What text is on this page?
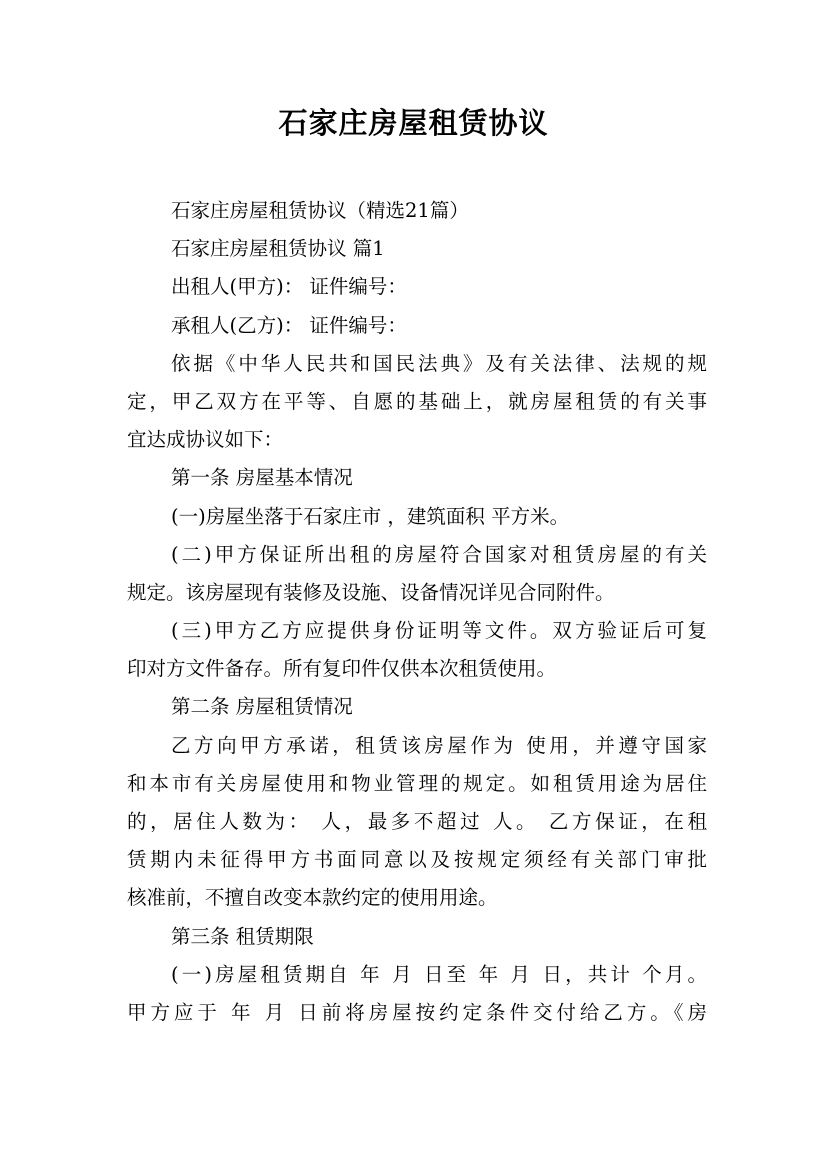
石家庄房屋租赁协议
石家庄房屋租赁协议（精选21篇）
石家庄房屋租赁协议 篇1
出租人(甲方)： 证件编号：
承租人(乙方)： 证件编号：
依据《中华人民共和国民法典》及有关法律、法规的规
定，甲乙双方在平等、自愿的基础上，就房屋租赁的有关事
宜达成协议如下：
第一条 房屋基本情况
(一)房屋坐落于石家庄市 ，建筑面积 平方米。
(二)甲方保证所出租的房屋符合国家对租赁房屋的有关
规定。该房屋现有装修及设施、设备情况详见合同附件。
(三)甲方乙方应提供身份证明等文件。双方验证后可复
印对方文件备存。所有复印件仅供本次租赁使用。
第二条 房屋租赁情况
乙方向甲方承诺，租赁该房屋作为 使用，并遵守国家
和本市有关房屋使用和物业管理的规定。如租赁用途为居住
的，居住人数为： 人，最多不超过 人。 乙方保证，在租
赁期内未征得甲方书面同意以及按规定须经有关部门审批
核准前，不擅自改变本款约定的使用用途。
第三条 租赁期限
(一)房屋租赁期自 年 月 日至 年 月 日，共计 个月。
甲方应于 年 月 日前将房屋按约定条件交付给乙方。《房
